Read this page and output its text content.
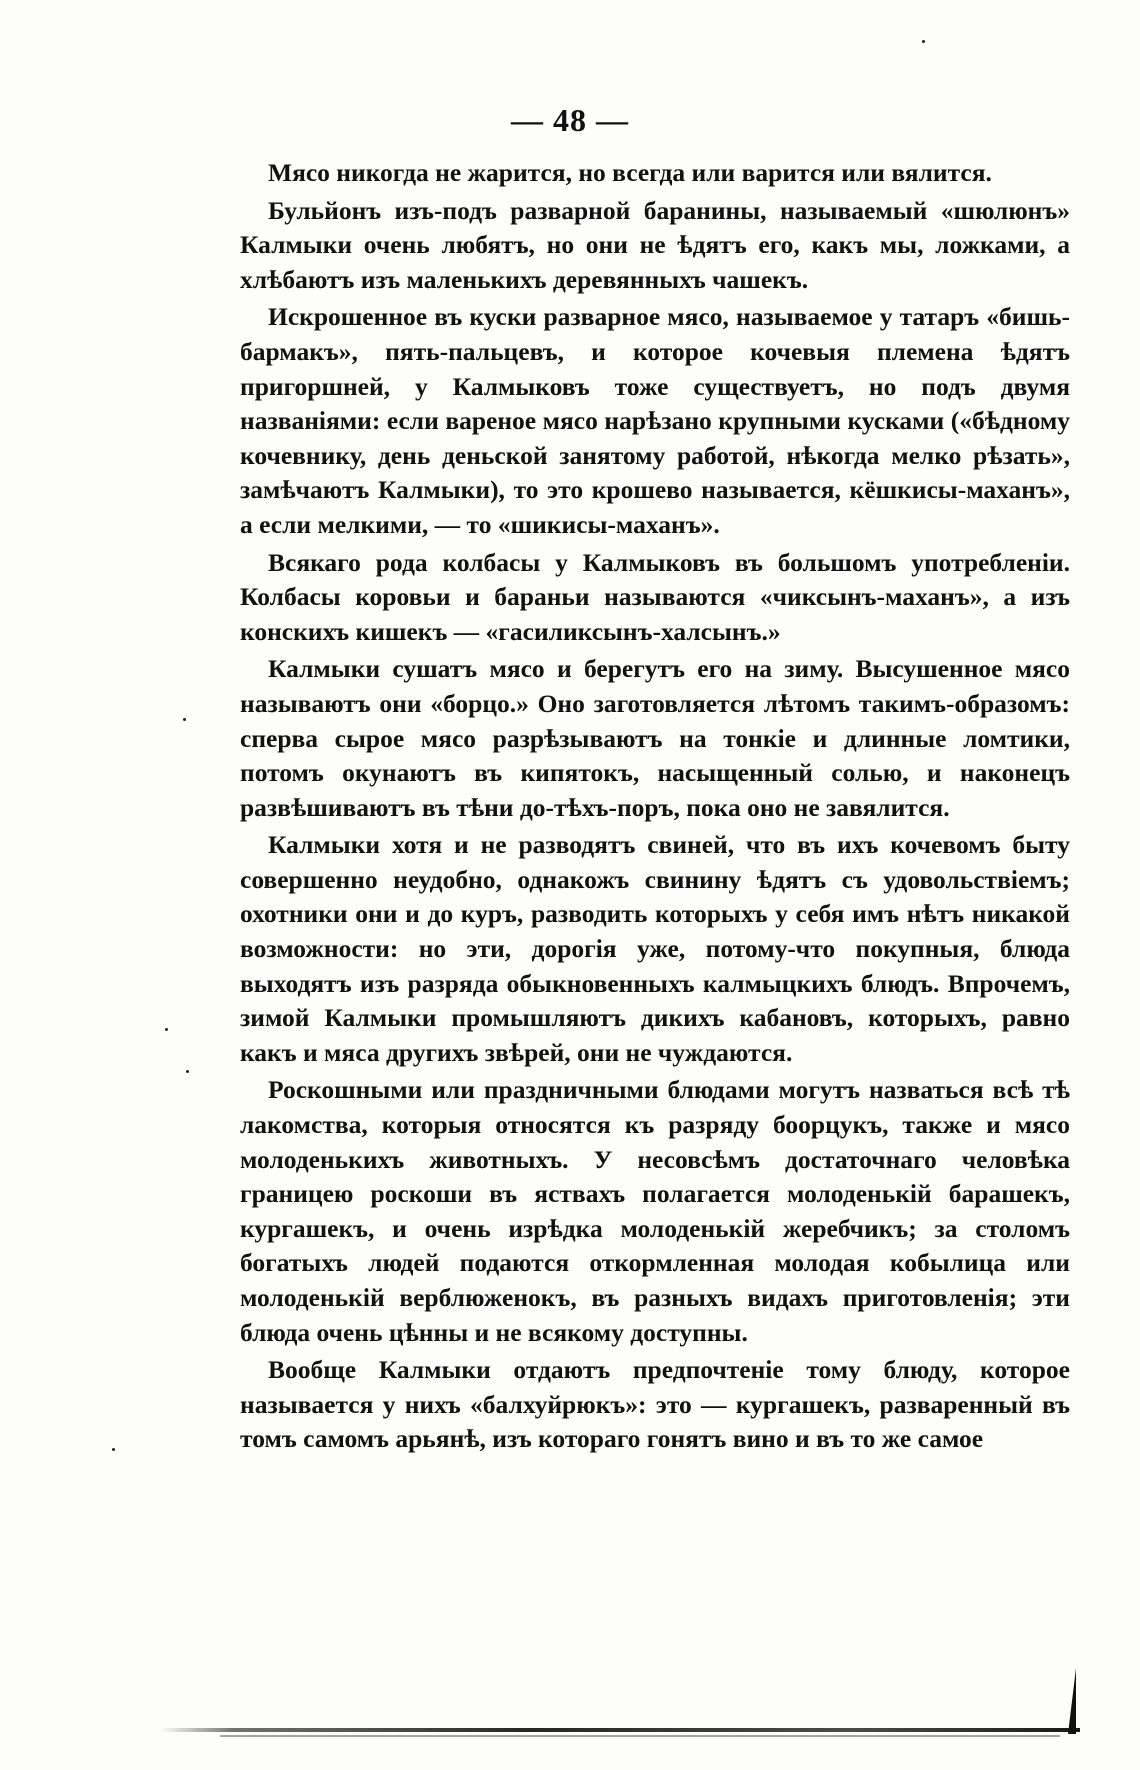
— 48 —

Мясо никогда не жарится, но всегда или варится или вялится.

Бульйонъ изъ-подъ разварной баранины, называемый «шюлюнъ» Калмыки очень любятъ, но они не ѣдятъ его, какъ мы, ложками, а хлѣбаютъ изъ маленькихъ деревянныхъ чашекъ.

Искрошенное въ куски разварное мясо, называемое у татаръ «бишь-бармакъ», пять-пальцевъ, и которое кочевыя племена ѣдятъ пригоршней, у Калмыковъ тоже существуетъ, но подъ двумя названіями: если вареное мясо нарѣзано крупными кусками («бѣдному кочевнику, день деньской занятому работой, нѣкогда мелко рѣзать», замѣчаютъ Калмыки), то это крошево называется, кёшкисы-маханъ», а если мелкими, — то «шикисы-маханъ».

Всякаго рода колбасы у Калмыковъ въ большомъ употребленіи. Колбасы коровьи и бараньи называются «чиксынъ-маханъ», а изъ конскихъ кишекъ — «гасиликсынъ-халсынъ.»

Калмыки сушатъ мясо и берегутъ его на зиму. Высушенное мясо называютъ они «борцо.» Оно заготовляется лѣтомъ такимъ-образомъ: сперва сырое мясо разрѣзываютъ на тонкіе и длинные ломтики, потомъ окунаютъ въ кипятокъ, насыщенный солью, и наконецъ развѣшиваютъ въ тѣни до-тѣхъ-поръ, пока оно не завялится.

Калмыки хотя и не разводятъ свиней, что въ ихъ кочевомъ быту совершенно неудобно, однакожъ свинину ѣдятъ съ удовольствіемъ; охотники они и до куръ, разводить которыхъ у себя имъ нѣтъ никакой возможности: но эти, дорогія уже, потому-что покупныя, блюда выходятъ изъ разряда обыкновенныхъ калмыцкихъ блюдъ. Впрочемъ, зимой Калмыки промышляютъ дикихъ кабановъ, которыхъ, равно какъ и мяса другихъ звѣрей, они не чуждаются.

Роскошными или праздничными блюдами могутъ назваться всѣ тѣ лакомства, которыя относятся къ разряду боорцукъ, также и мясо молоденькихъ животныхъ. У несовсѣмъ достаточнаго человѣка границею роскоши въ яствахъ полагается молоденькій барашекъ, кургашекъ, и очень изрѣдка молоденькій жеребчикъ; за столомъ богатыхъ людей подаются откормленная молодая кобылица или молоденькій верблюженокъ, въ разныхъ видахъ приготовленія; эти блюда очень цѣнны и не всякому доступны.

Вообще Калмыки отдаютъ предпочтеніе тому блюду, которое называется у нихъ «балхуйрюкъ»: это — кургашекъ, разваренный въ томъ самомъ арьянѣ, изъ котораго гонятъ вино и въ то же самое
